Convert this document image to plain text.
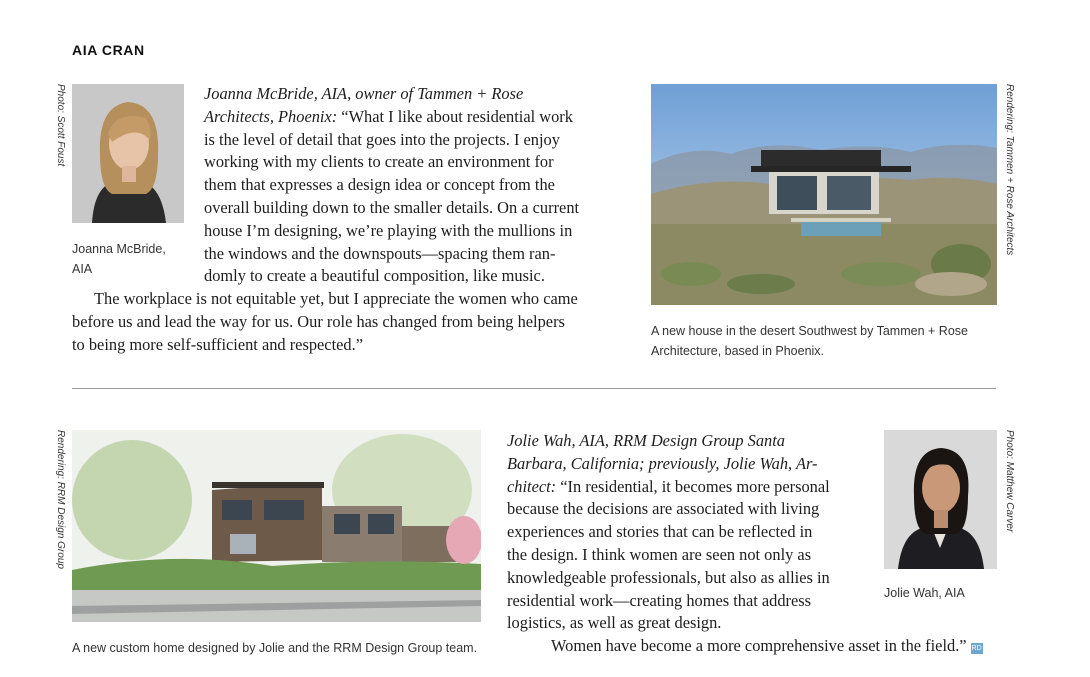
AIA CRAN
Photo: Scott Foust
Joanna McBride,
AIA
Joanna McBride, AIA, owner of Tammen + Rose
Architects, Phoenix: “What I like about residential work
is the level of detail that goes into the projects. I enjoy
working with my clients to create an environment for
them that expresses a design idea or concept from the
overall building down to the smaller details. On a current
house I’m designing, we’re playing with the mullions in
the windows and the downspouts—spacing them ran-
domly to create a beautiful composition, like music.
The workplace is not equitable yet, but I appreciate the women who came
before us and lead the way for us. Our role has changed from being helpers
to being more self-sufficient and respected.”
Rendering: Tammen + Rose Architects
A new house in the desert Southwest by Tammen + Rose
Architecture, based in Phoenix.
Rendering: RRM Design Group
A new custom home designed by Jolie and the RRM Design Group team.
Jolie Wah, AIA, RRM Design Group Santa
Barbara, California; previously, Jolie Wah, Ar-
chitect: “In residential, it becomes more personal
because the decisions are associated with living
experiences and stories that can be reflected in
the design. I think women are seen not only as
knowledgeable professionals, but also as allies in
residential work—creating homes that address
logistics, as well as great design.
Women have become a more comprehensive asset in the field.” RD
Photo: Matthew Carver
Jolie Wah, AIA
